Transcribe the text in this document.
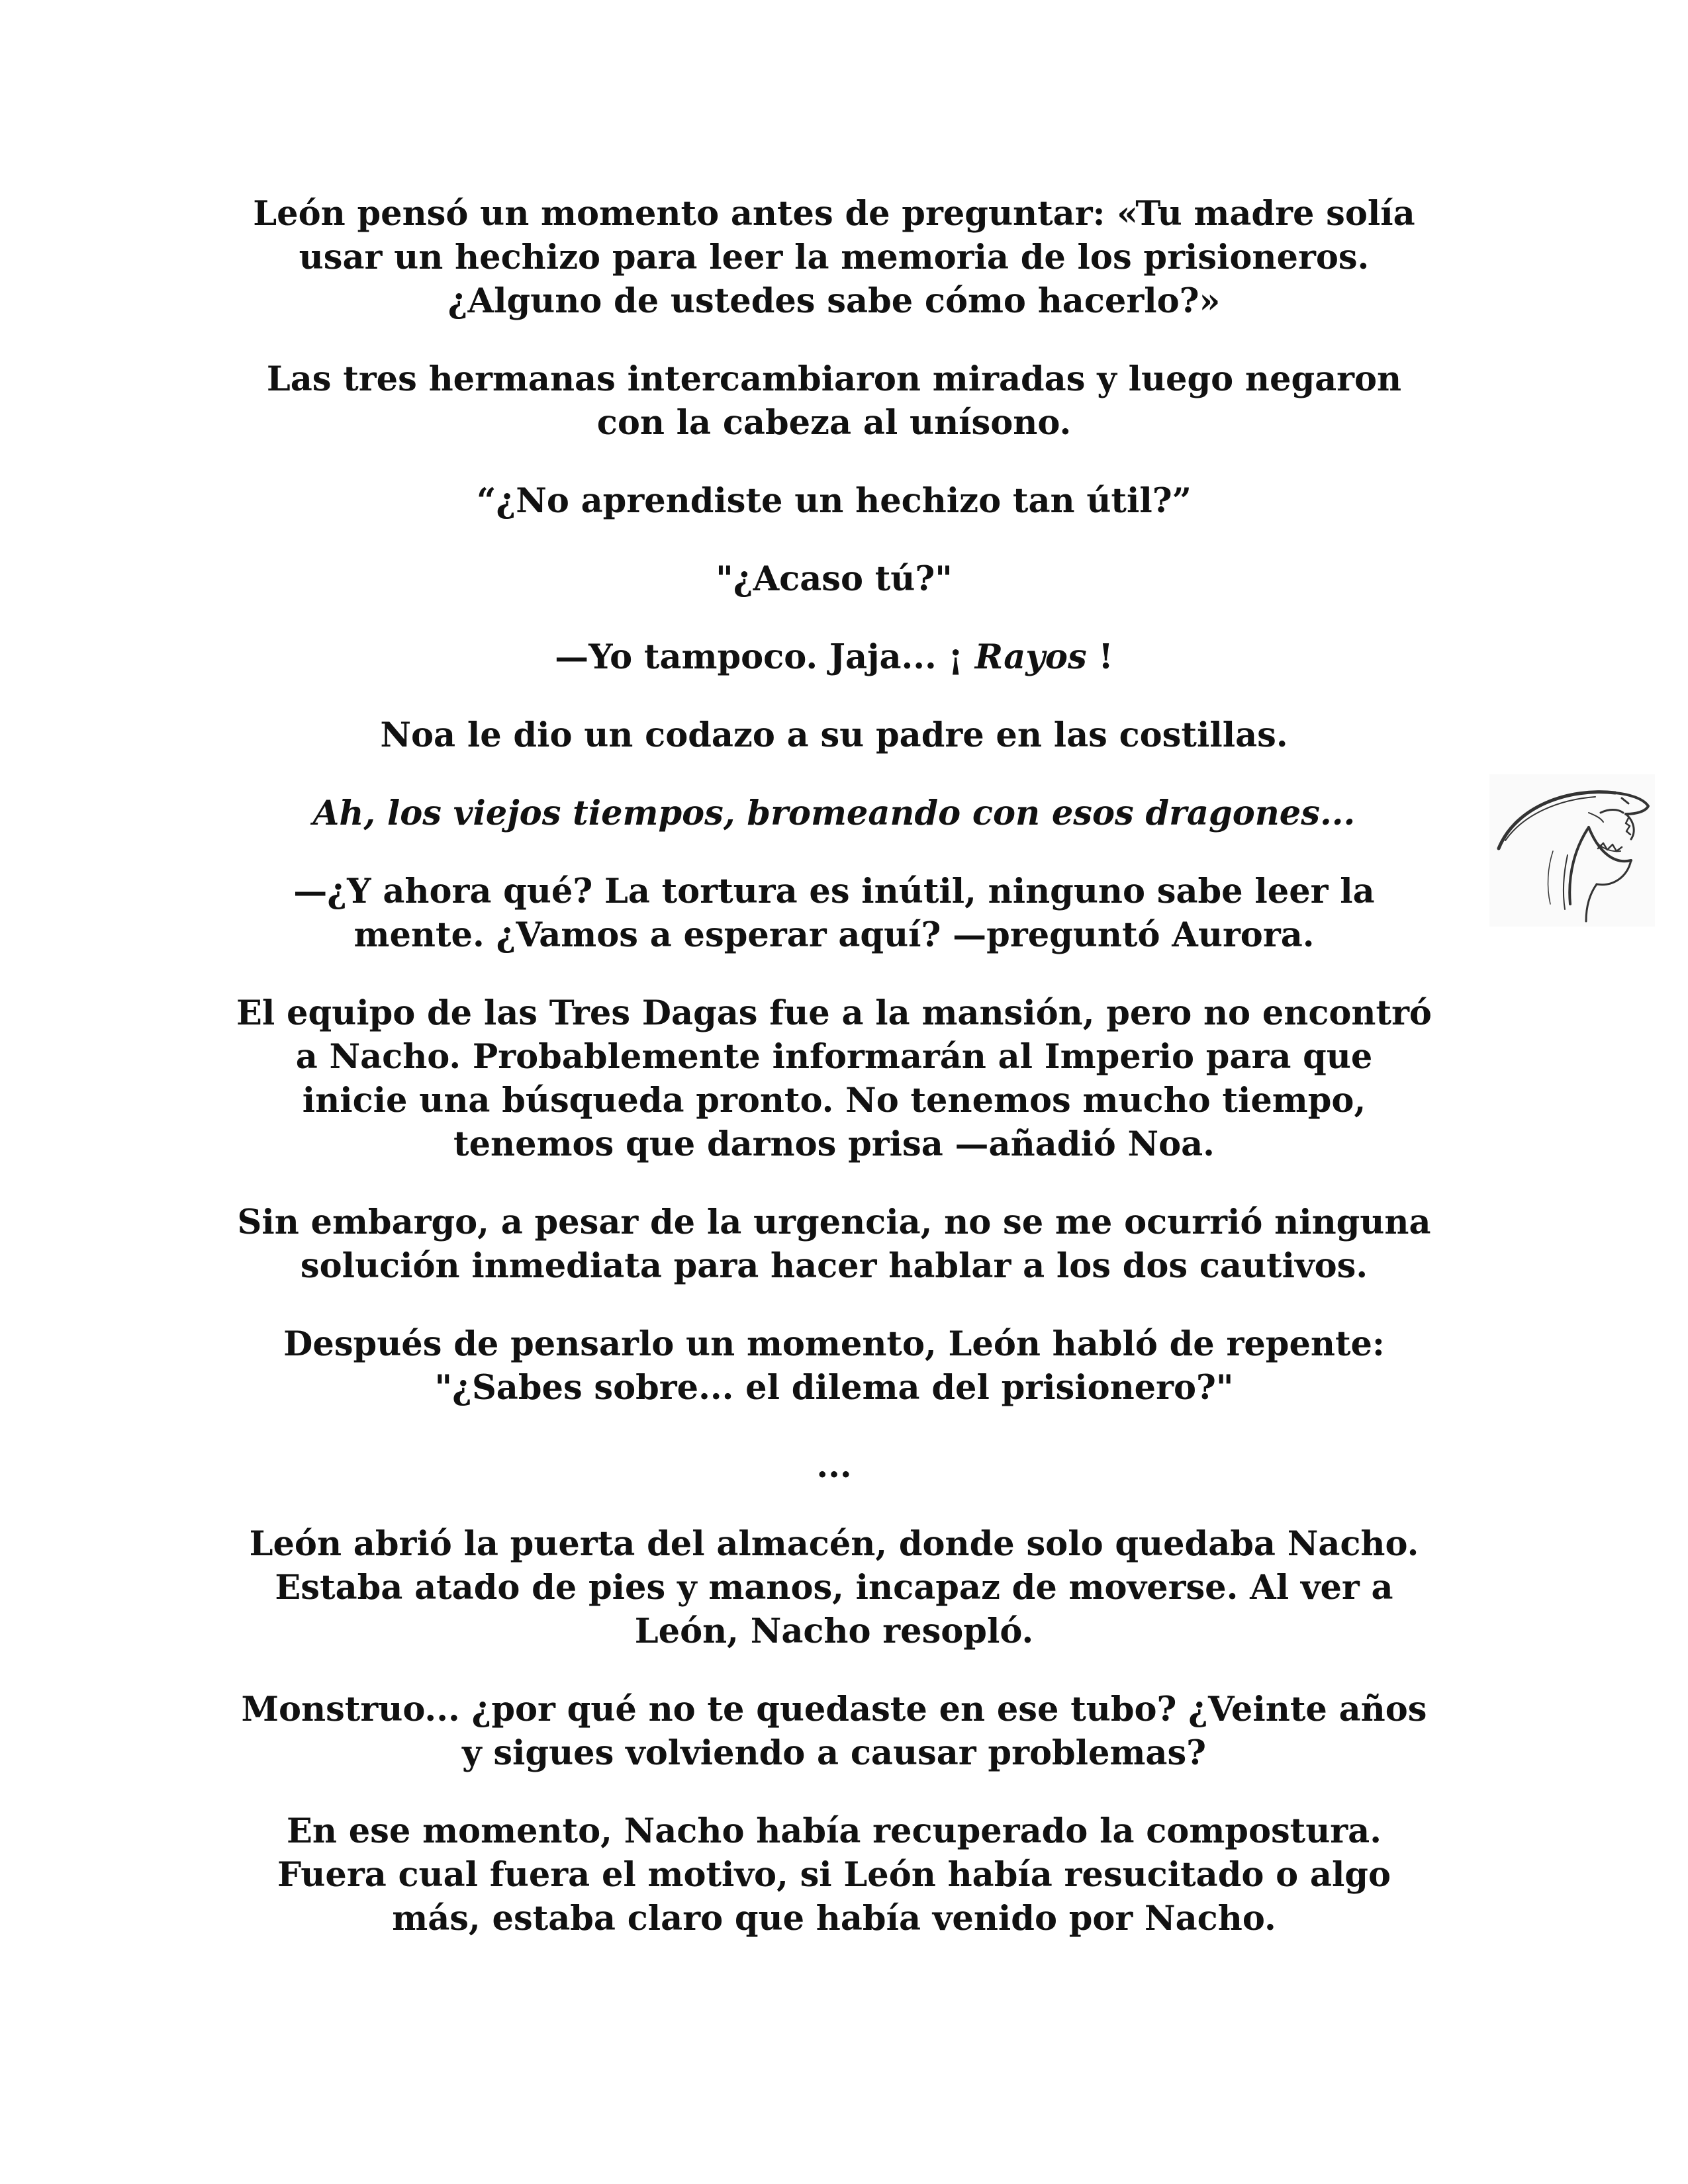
León pensó un momento antes de preguntar: «Tu madre solía
usar un hechizo para leer la memoria de los prisioneros.
¿Alguno de ustedes sabe cómo hacerlo?»

Las tres hermanas intercambiaron miradas y luego negaron
con la cabeza al unísono.

“¿No aprendiste un hechizo tan útil?”

"¿Acaso tú?"

—Yo tampoco. Jaja... ¡ Rayos !

Noa le dio un codazo a su padre en las costillas.

Ah, los viejos tiempos, bromeando con esos dragones...

—¿Y ahora qué? La tortura es inútil, ninguno sabe leer la
mente. ¿Vamos a esperar aquí? —preguntó Aurora.

El equipo de las Tres Dagas fue a la mansión, pero no encontró
a Nacho. Probablemente informarán al Imperio para que
inicie una búsqueda pronto. No tenemos mucho tiempo,
tenemos que darnos prisa —añadió Noa.

Sin embargo, a pesar de la urgencia, no se me ocurrió ninguna
solución inmediata para hacer hablar a los dos cautivos.

Después de pensarlo un momento, León habló de repente:
"¿Sabes sobre... el dilema del prisionero?"

...

León abrió la puerta del almacén, donde solo quedaba Nacho.
Estaba atado de pies y manos, incapaz de moverse. Al ver a
León, Nacho resopló.

Monstruo... ¿por qué no te quedaste en ese tubo? ¿Veinte años
y sigues volviendo a causar problemas?

En ese momento, Nacho había recuperado la compostura.
Fuera cual fuera el motivo, si León había resucitado o algo
más, estaba claro que había venido por Nacho.
